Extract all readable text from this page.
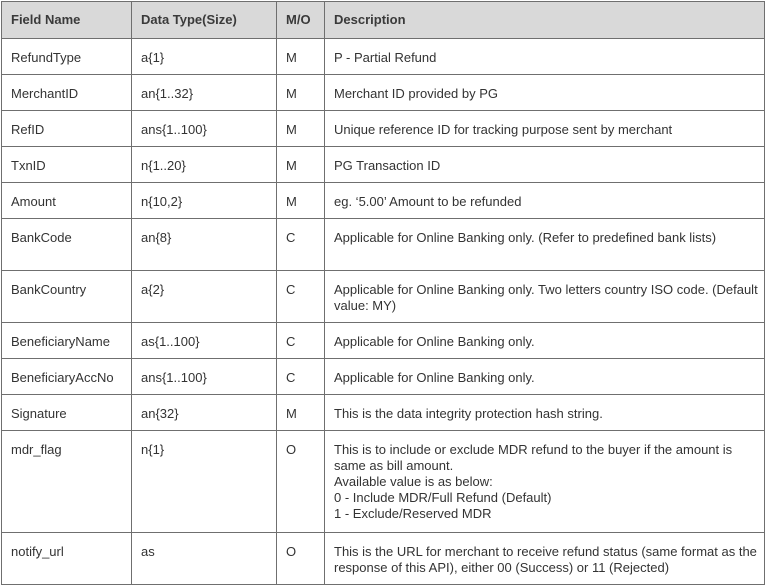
Field Name	Data Type(Size)	M/O	Description
RefundType	a{1}	M	P - Partial Refund
MerchantID	an{1..32}	M	Merchant ID provided by PG
RefID	ans{1..100}	M	Unique reference ID for tracking purpose sent by merchant
TxnID	n{1..20}	M	PG Transaction ID
Amount	n{10,2}	M	eg. ‘5.00’ Amount to be refunded
BankCode	an{8}	C	Applicable for Online Banking only. (Refer to predefined bank lists)
BankCountry	a{2}	C	Applicable for Online Banking only. Two letters country ISO code. (Default value: MY)
BeneficiaryName	as{1..100}	C	Applicable for Online Banking only.
BeneficiaryAccNo	ans{1..100}	C	Applicable for Online Banking only.
Signature	an{32}	M	This is the data integrity protection hash string.
mdr_flag	n{1}	O	This is to include or exclude MDR refund to the buyer if the amount is same as bill amount.
Available value is as below:
0 - Include MDR/Full Refund (Default)
1 - Exclude/Reserved MDR
notify_url	as	O	This is the URL for merchant to receive refund status (same format as the response of this API), either 00 (Success) or 11 (Rejected)
